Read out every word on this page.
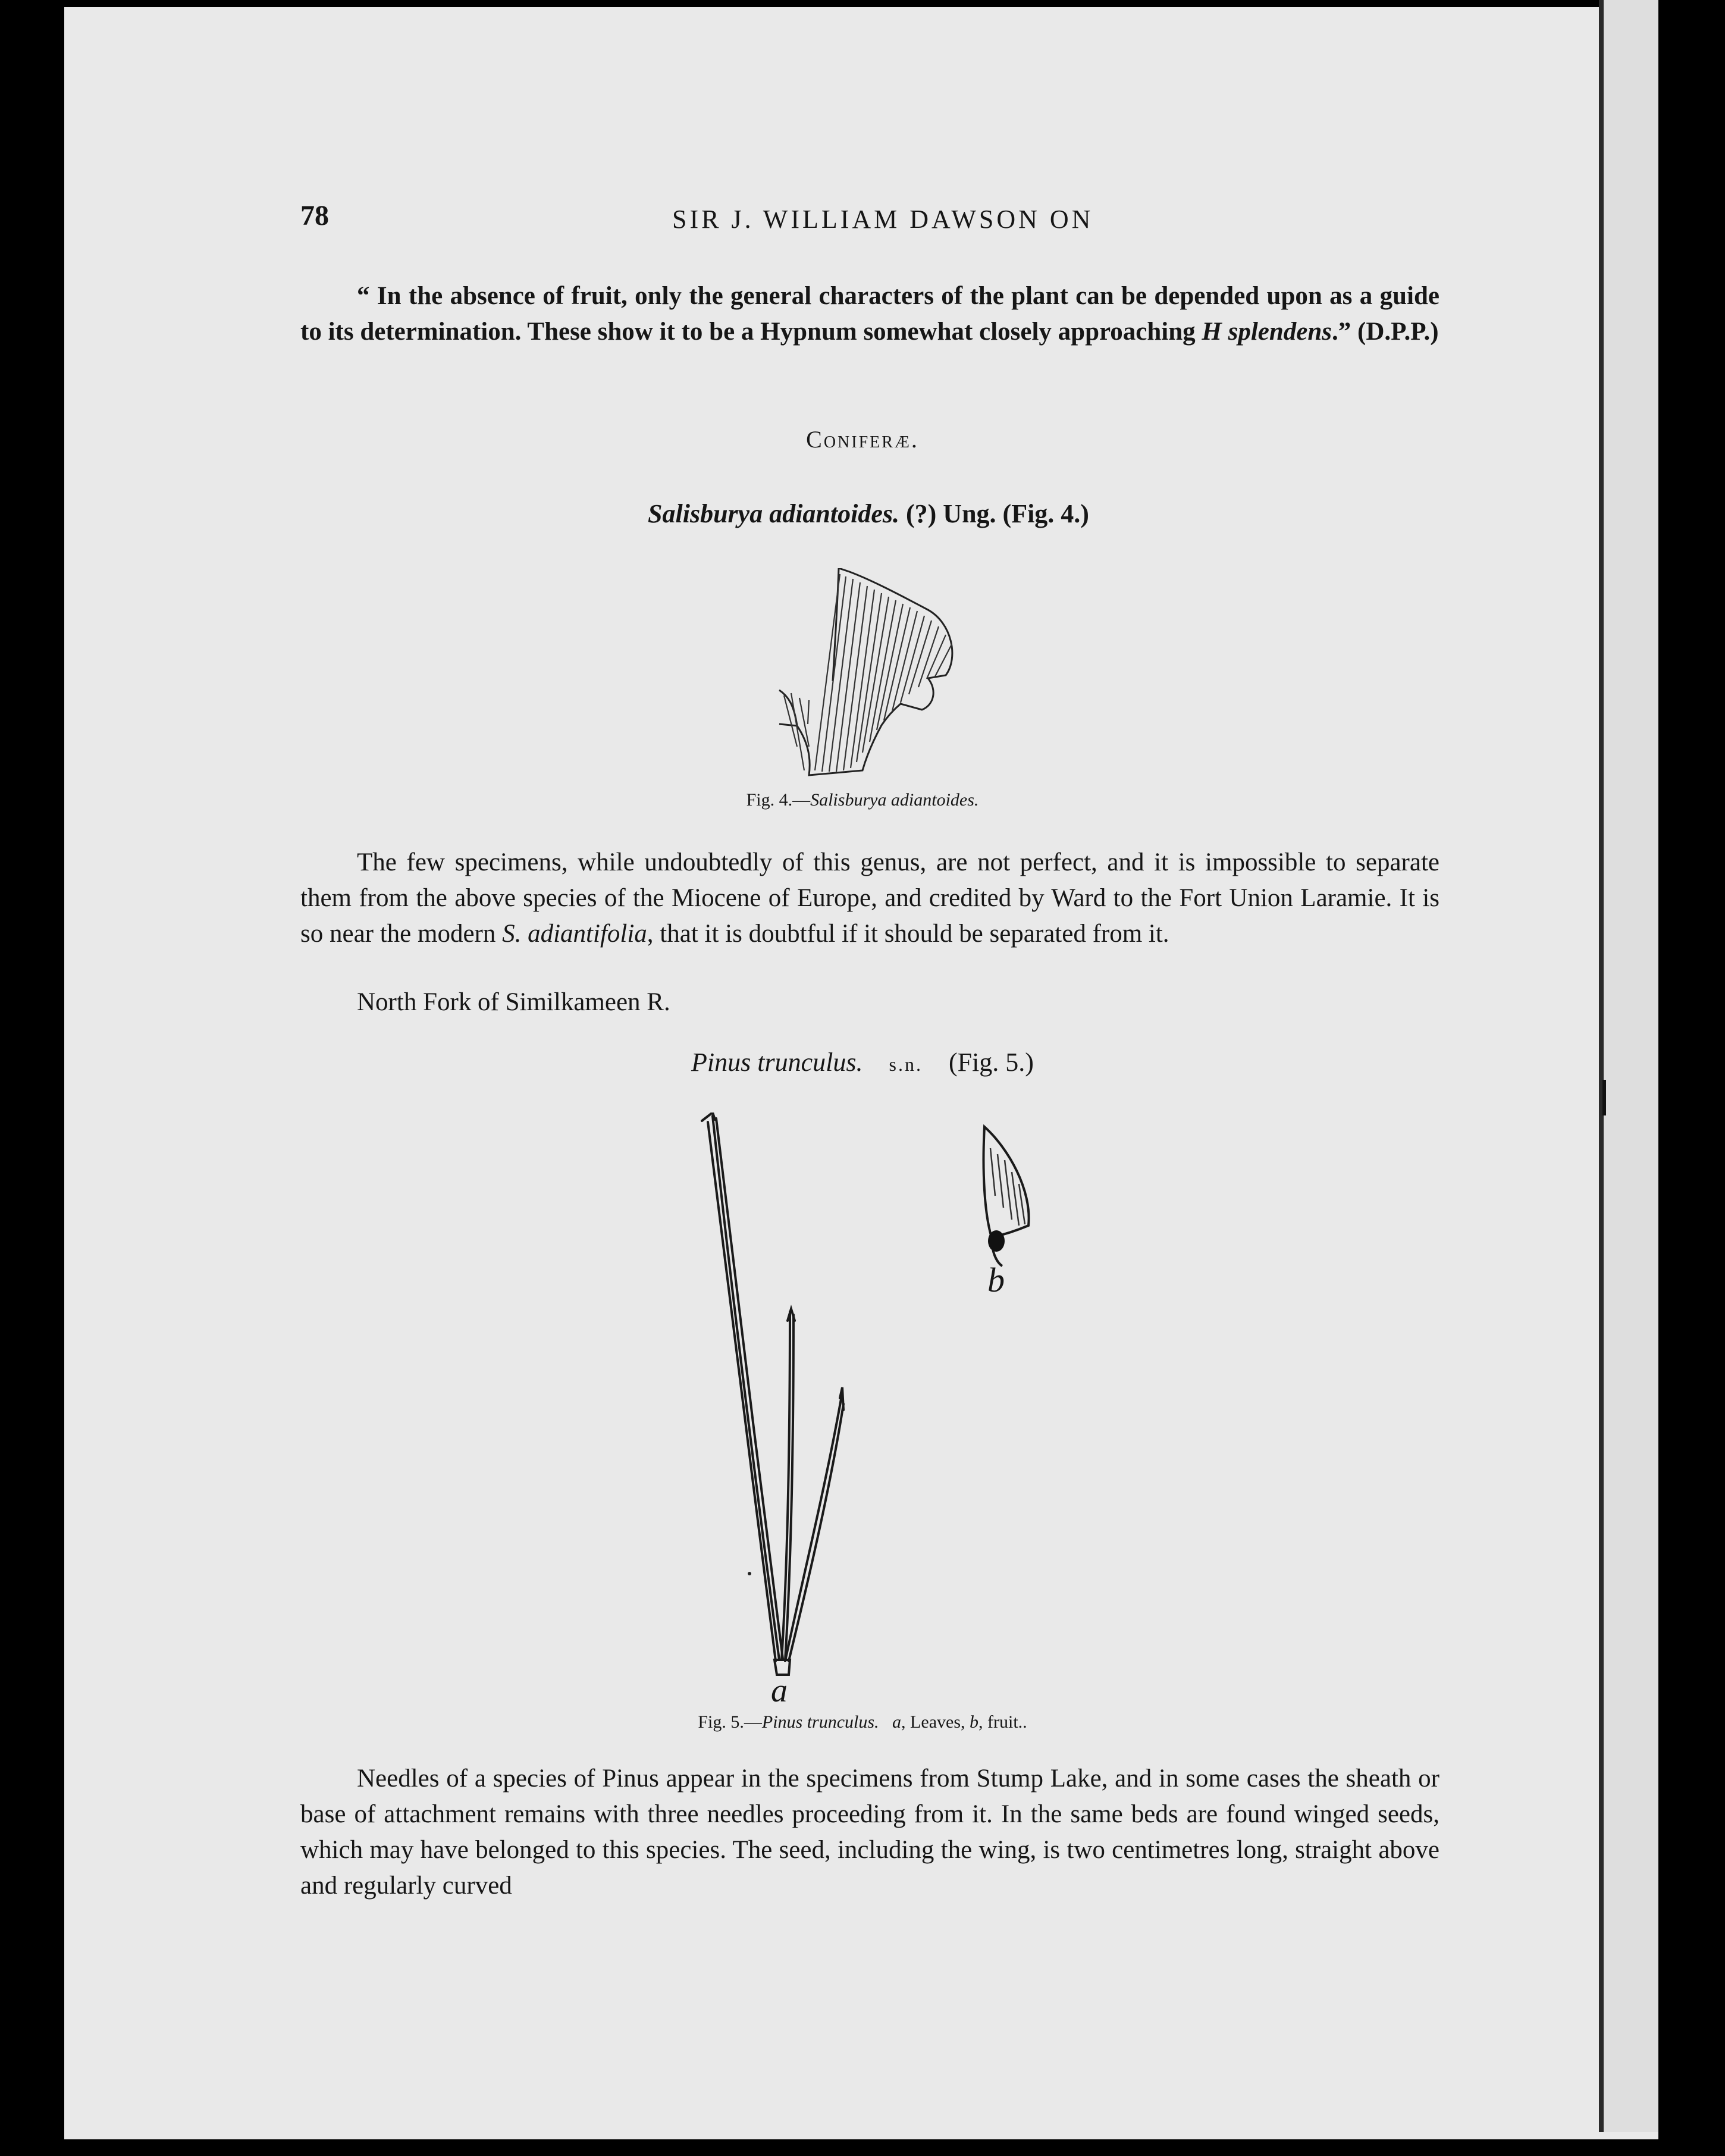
78	SIR J. WILLIAM DAWSON ON
“ In the absence of fruit, only the general characters of the plant can be depended upon as a guide to its determination. These show it to be a Hypnum somewhat closely approaching H splendens.” (D.P.P.)
Coniferæ.
Salisburya adiantoides. (?) Ung. (Fig. 4.)
Fig. 4.—Salisburya adiantoides.
The few specimens, while undoubtedly of this genus, are not perfect, and it is impossible to separate them from the above species of the Miocene of Europe, and credited by Ward to the Fort Union Laramie. It is so near the modern S. adiantifolia, that it is doubtful if it should be separated from it.
North Fork of Similkameen R.
Pinus trunculus. s.n. (Fig. 5.)
a
b
Fig. 5.—Pinus trunculus. a, Leaves, b, fruit..
Needles of a species of Pinus appear in the specimens from Stump Lake, and in some cases the sheath or base of attachment remains with three needles proceeding from it. In the same beds are found winged seeds, which may have belonged to this species. The seed, including the wing, is two centimetres long, straight above and regularly curved
